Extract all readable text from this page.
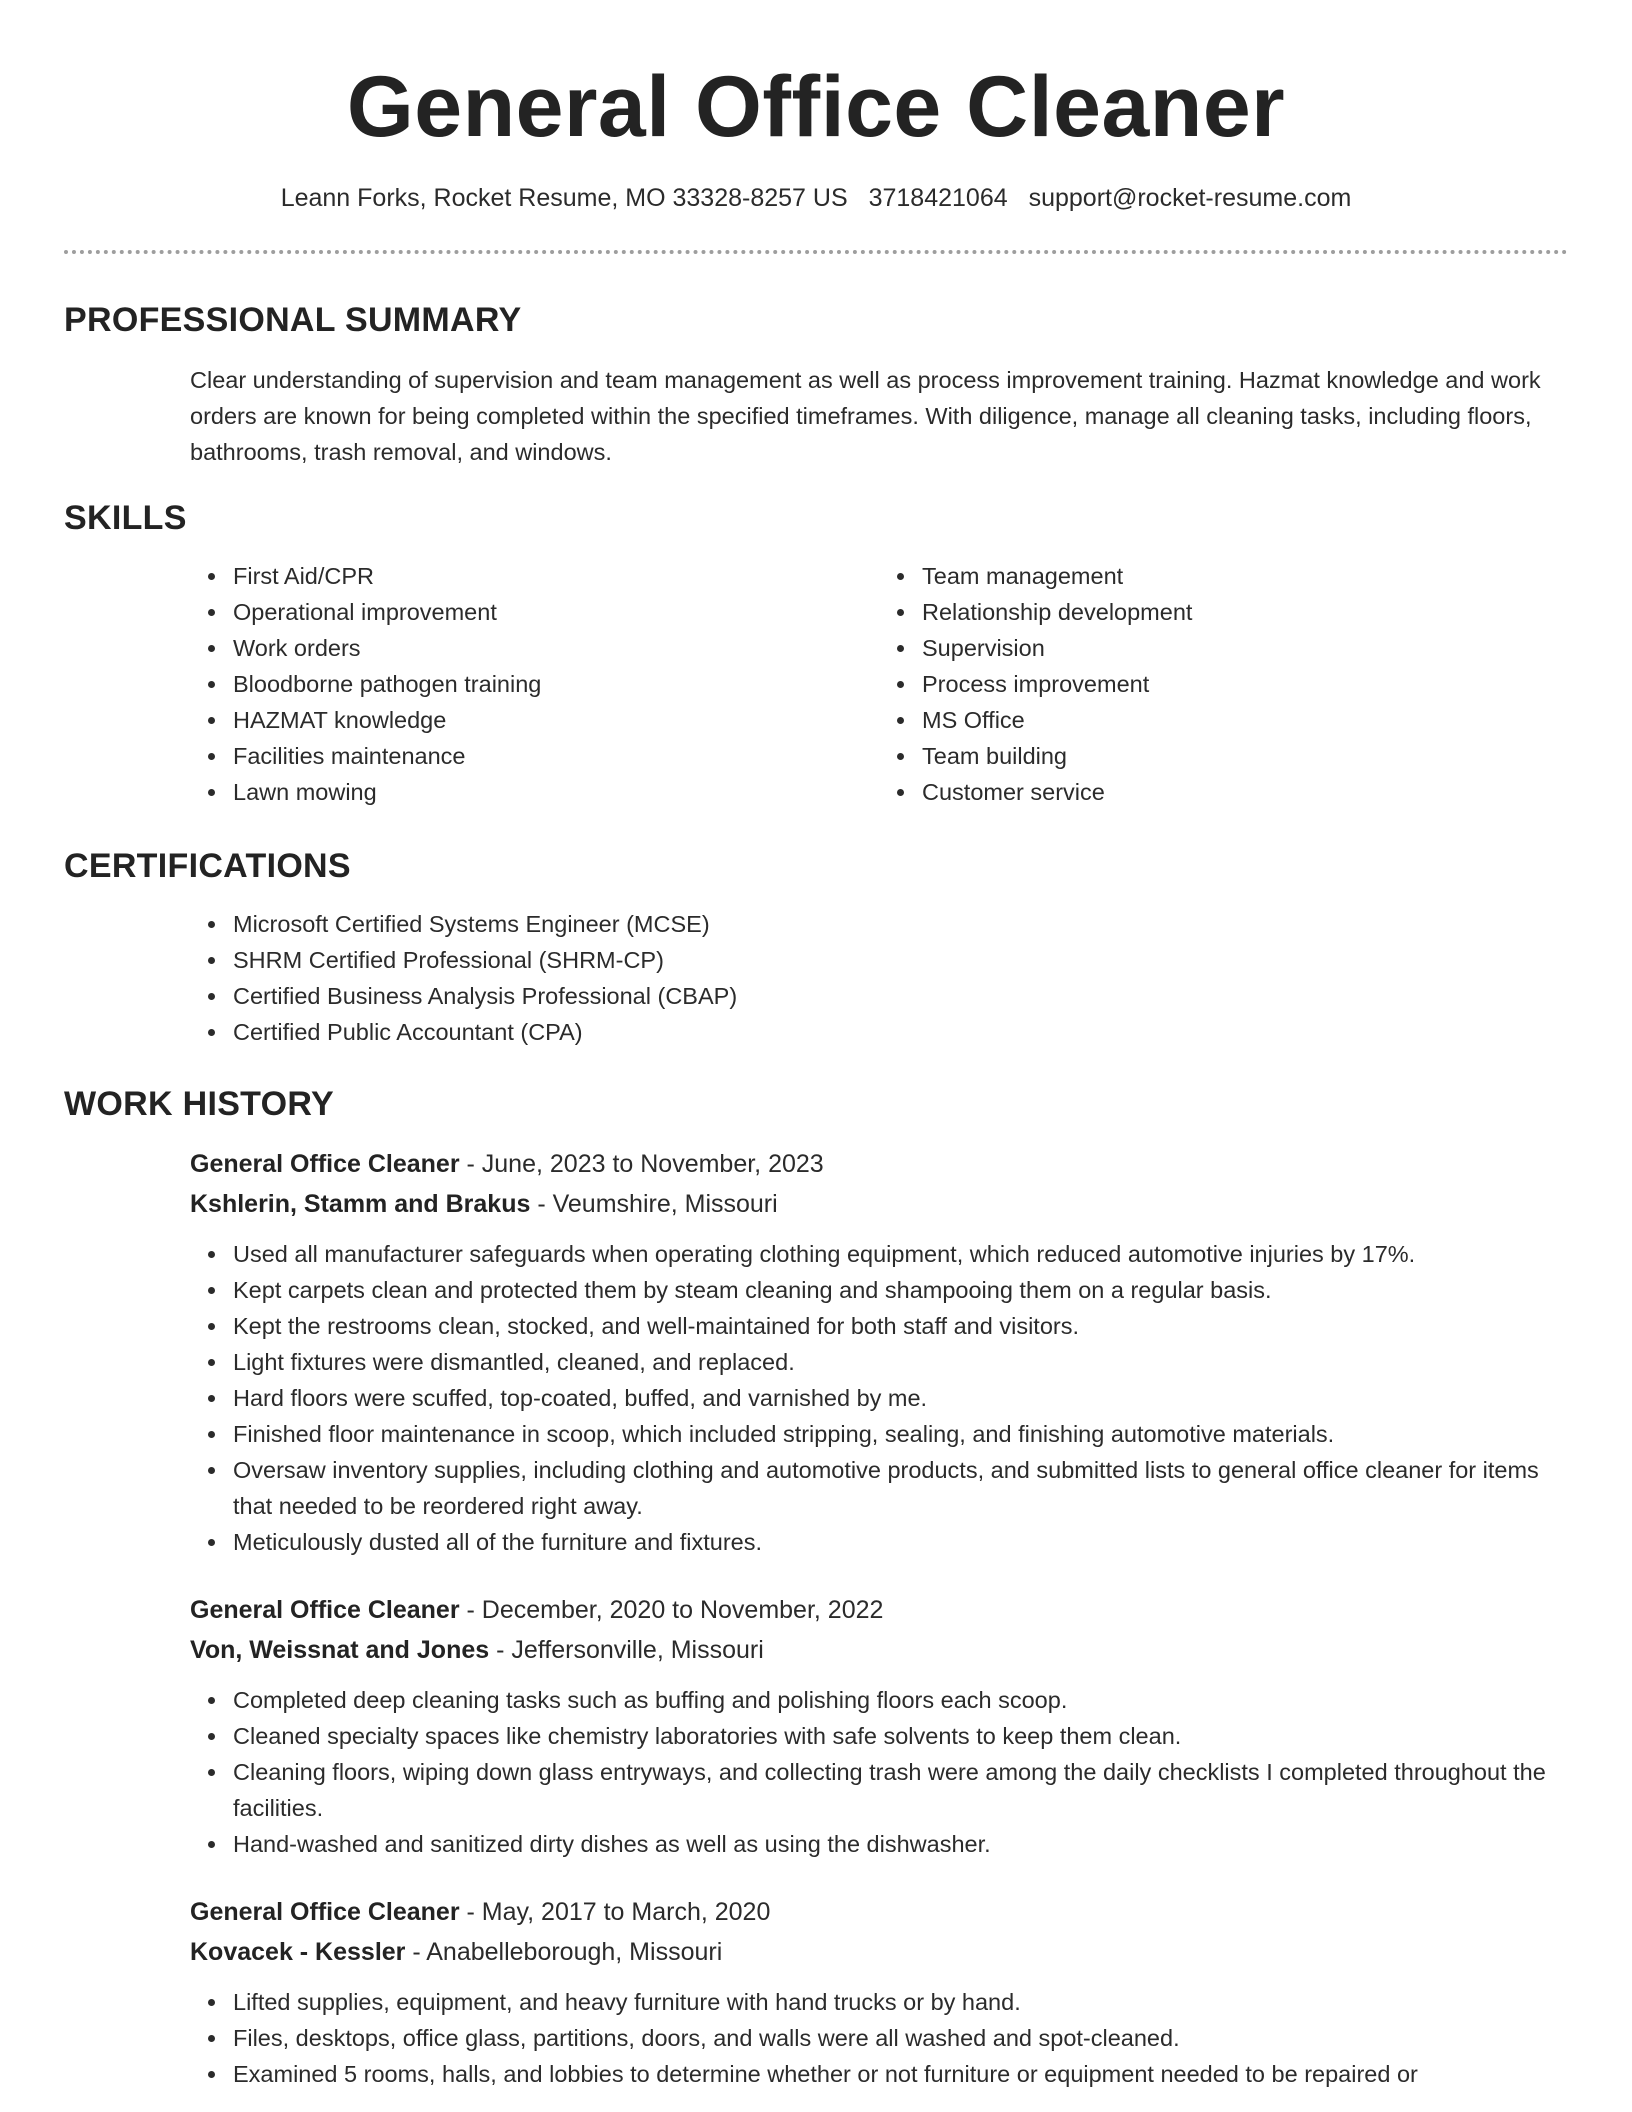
General Office Cleaner
Leann Forks, Rocket Resume, MO 33328-8257 US 3718421064 support@rocket-resume.com
PROFESSIONAL SUMMARY

Clear understanding of supervision and team management as well as process improvement training. Hazmat knowledge and work orders are known for being completed within the specified timeframes. With diligence, manage all cleaning tasks, including floors, bathrooms, trash removal, and windows.

SKILLS
First Aid/CPR
Operational improvement
Work orders
Bloodborne pathogen training
HAZMAT knowledge
Facilities maintenance
Lawn mowing
Team management
Relationship development
Supervision
Process improvement
MS Office
Team building
Customer service
CERTIFICATIONS
Microsoft Certified Systems Engineer (MCSE)
SHRM Certified Professional (SHRM-CP)
Certified Business Analysis Professional (CBAP)
Certified Public Accountant (CPA)
WORK HISTORY
General Office Cleaner - June, 2023 to November, 2023
Kshlerin, Stamm and Brakus - Veumshire, Missouri
Used all manufacturer safeguards when operating clothing equipment, which reduced automotive injuries by 17%.
Kept carpets clean and protected them by steam cleaning and shampooing them on a regular basis.
Kept the restrooms clean, stocked, and well-maintained for both staff and visitors.
Light fixtures were dismantled, cleaned, and replaced.
Hard floors were scuffed, top-coated, buffed, and varnished by me.
Finished floor maintenance in scoop, which included stripping, sealing, and finishing automotive materials.
Oversaw inventory supplies, including clothing and automotive products, and submitted lists to general office cleaner for items that needed to be reordered right away.
Meticulously dusted all of the furniture and fixtures.
General Office Cleaner - December, 2020 to November, 2022
Von, Weissnat and Jones - Jeffersonville, Missouri
Completed deep cleaning tasks such as buffing and polishing floors each scoop.
Cleaned specialty spaces like chemistry laboratories with safe solvents to keep them clean.
Cleaning floors, wiping down glass entryways, and collecting trash were among the daily checklists I completed throughout the facilities.
Hand-washed and sanitized dirty dishes as well as using the dishwasher.
General Office Cleaner - May, 2017 to March, 2020
Kovacek - Kessler - Anabelleborough, Missouri
Lifted supplies, equipment, and heavy furniture with hand trucks or by hand.
Files, desktops, office glass, partitions, doors, and walls were all washed and spot-cleaned.
Examined 5 rooms, halls, and lobbies to determine whether or not furniture or equipment needed to be repaired or
